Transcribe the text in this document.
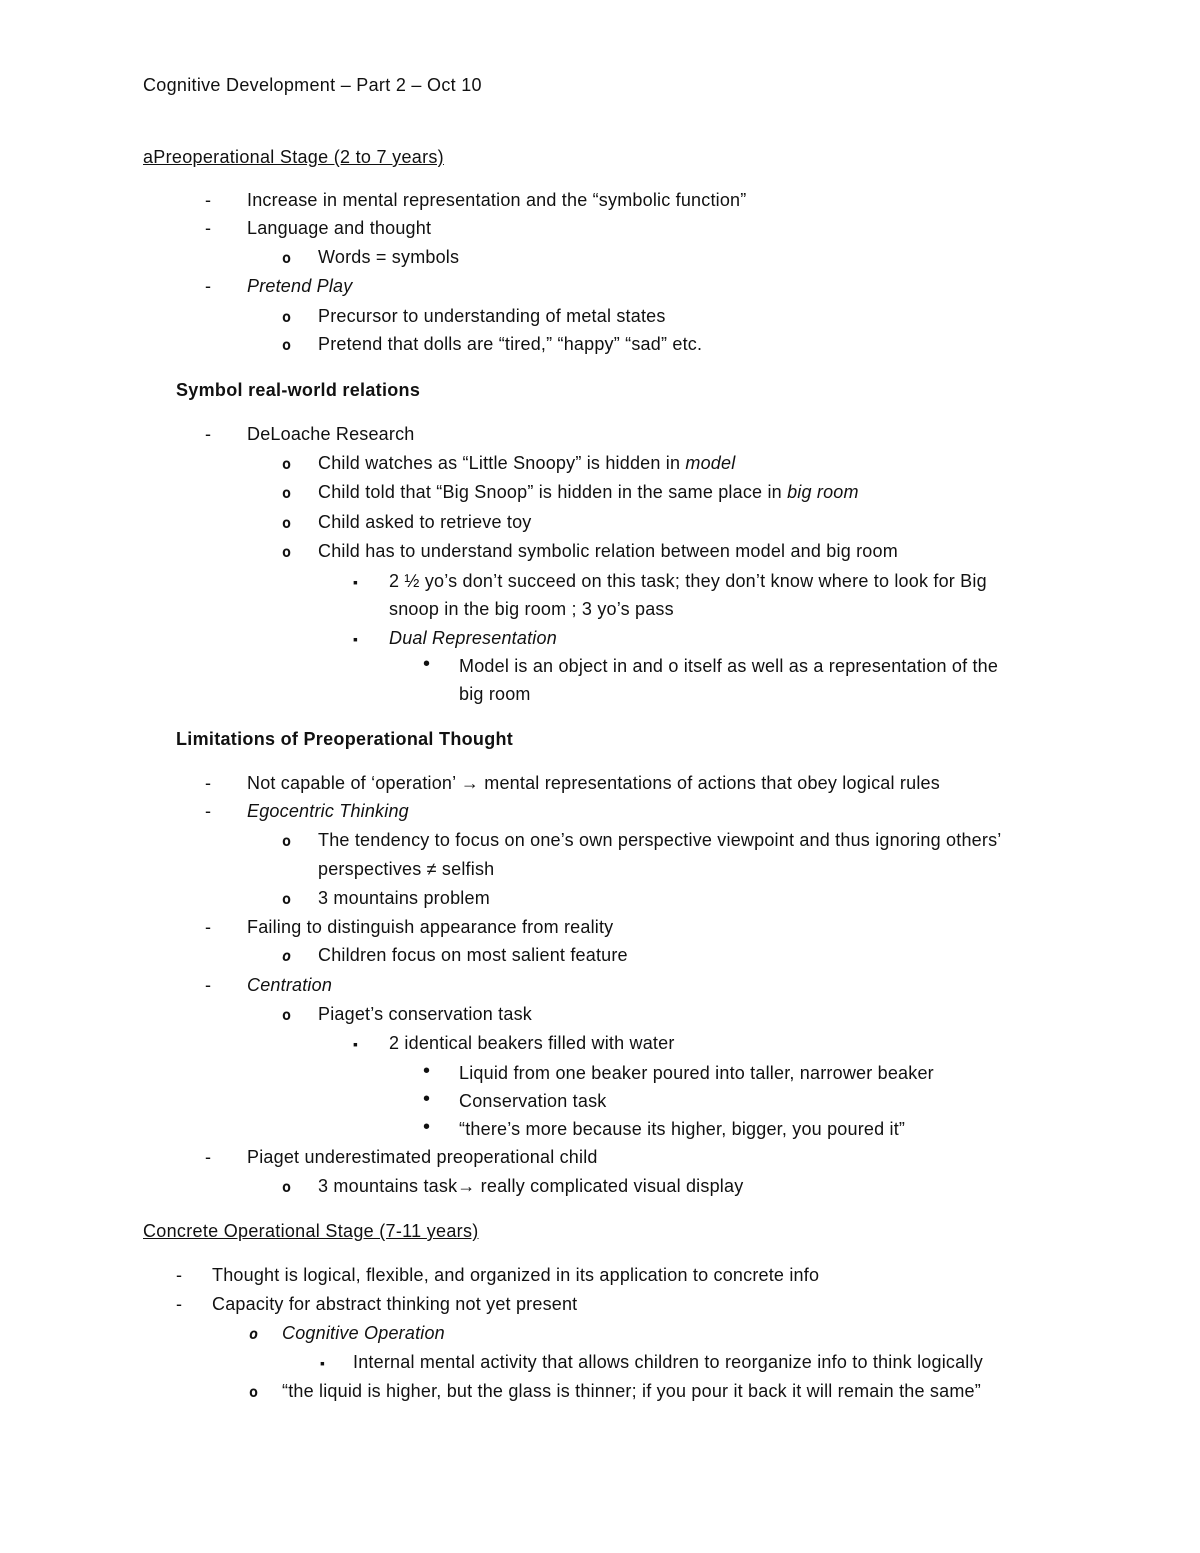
Cognitive Development – Part 2 – Oct 10
aPreoperational Stage (2 to 7 years)
-
Increase in mental representation and the “symbolic function”
-
Language and thought
o
Words = symbols
-
Pretend Play
o
Precursor to understanding of metal states
o
Pretend that dolls are “tired,” “happy” “sad” etc.
Symbol real-world relations
-
DeLoache Research
o
Child watches as “Little Snoopy” is hidden in model
o
Child told that “Big Snoop” is hidden in the same place in big room
o
Child asked to retrieve toy
o
Child has to understand symbolic relation between model and big room
▪
2 ½ yo’s don’t succeed on this task; they don’t know where to look for Big
snoop in the big room ; 3 yo’s pass
▪
Dual Representation
•
Model is an object in and o itself as well as a representation of the
big room
Limitations of Preoperational Thought
-
Not capable of ‘operation’ → mental representations of actions that obey logical rules
-
Egocentric Thinking
o
The tendency to focus on one’s own perspective viewpoint and thus ignoring others’
perspectives ≠ selfish
o
3 mountains problem
-
Failing to distinguish appearance from reality
o
Children focus on most salient feature
-
Centration
o
Piaget’s conservation task
▪
2 identical beakers filled with water
•
Liquid from one beaker poured into taller, narrower beaker
•
Conservation task
•
“there’s more because its higher, bigger, you poured it”
-
Piaget underestimated preoperational child
o
3 mountains task→ really complicated visual display
Concrete Operational Stage (7-11 years)
-
Thought is logical, flexible, and organized in its application to concrete info
-
Capacity for abstract thinking not yet present
o
Cognitive Operation
▪
Internal mental activity that allows children to reorganize info to think logically
o
“the liquid is higher, but the glass is thinner; if you pour it back it will remain the same”
